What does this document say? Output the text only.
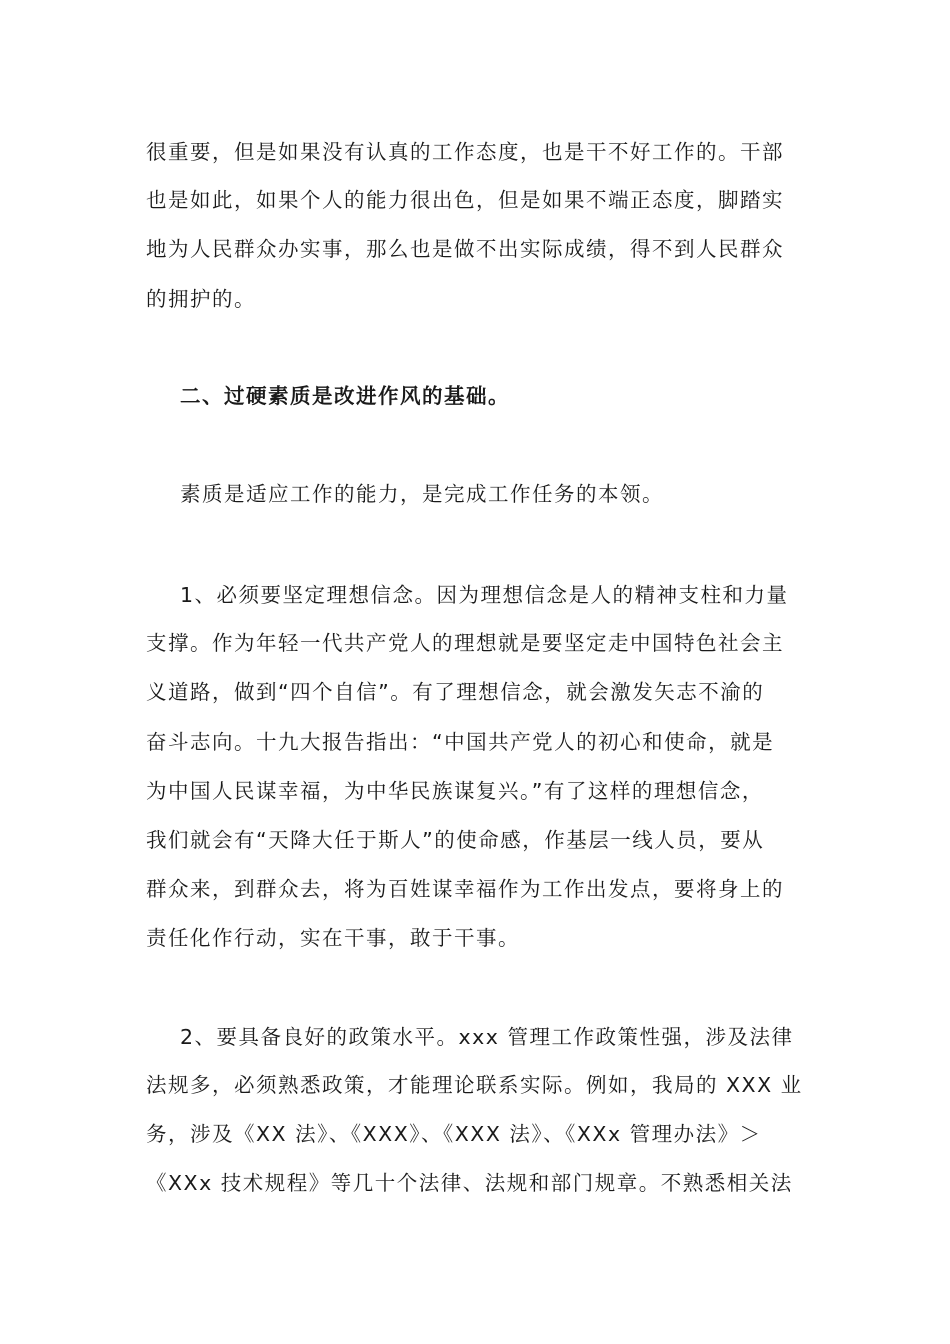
很重要，但是如果没有认真的工作态度，也是干不好工作的。干部
也是如此，如果个人的能力很出色，但是如果不端正态度，脚踏实
地为人民群众办实事，那么也是做不出实际成绩，得不到人民群众
的拥护的。
二、过硬素质是改进作风的基础。
素质是适应工作的能力，是完成工作任务的本领。
1、必须要坚定理想信念。因为理想信念是人的精神支柱和力量
支撑。作为年轻一代共产党人的理想就是要坚定走中国特色社会主
义道路，做到“四个自信”。有了理想信念，就会激发矢志不渝的
奋斗志向。十九大报告指出：“中国共产党人的初心和使命，就是
为中国人民谋幸福，为中华民族谋复兴。”有了这样的理想信念，
我们就会有“天降大任于斯人”的使命感，作基层一线人员，要从
群众来，到群众去，将为百姓谋幸福作为工作出发点，要将身上的
责任化作行动，实在干事，敢于干事。
2、要具备良好的政策水平。xxx 管理工作政策性强，涉及法律
法规多，必须熟悉政策，才能理论联系实际。例如，我局的 XXX 业
务，涉及《XX 法》、《XXX》、《XXX 法》、《XXx 管理办法》＞
《XXx 技术规程》等几十个法律、法规和部门规章。不熟悉相关法
